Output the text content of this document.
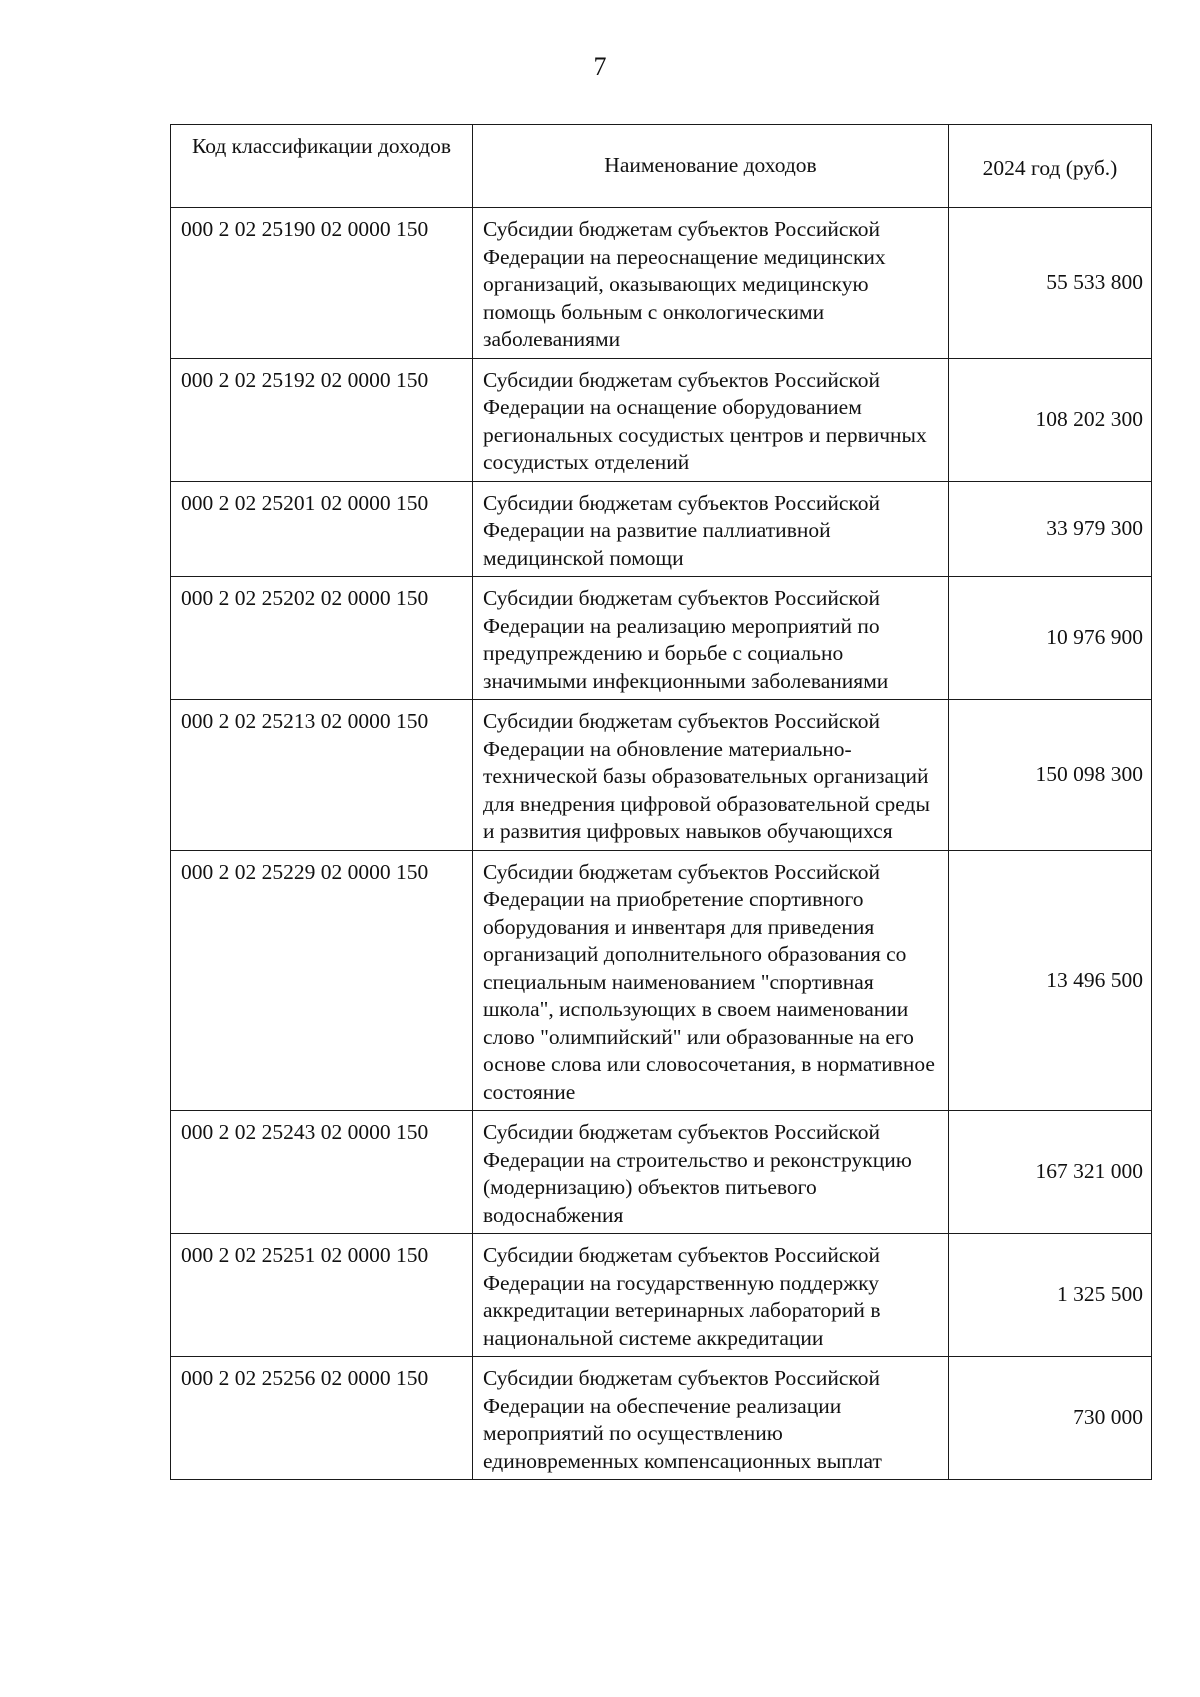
7
Код классификации доходов	Наименование доходов	2024 год (руб.)
000 2 02 25190 02 0000 150	Субсидии бюджетам субъектов Российской Федерации на переоснащение медицинских организаций, оказывающих медицинскую помощь больным с онкологическими заболеваниями	55 533 800
000 2 02 25192 02 0000 150	Субсидии бюджетам субъектов Российской Федерации на оснащение оборудованием региональных сосудистых центров и первичных сосудистых отделений	108 202 300
000 2 02 25201 02 0000 150	Субсидии бюджетам субъектов Российской Федерации на развитие паллиативной медицинской помощи	33 979 300
000 2 02 25202 02 0000 150	Субсидии бюджетам субъектов Российской Федерации на реализацию мероприятий по предупреждению и борьбе с социально значимыми инфекционными заболеваниями	10 976 900
000 2 02 25213 02 0000 150	Субсидии бюджетам субъектов Российской Федерации на обновление материально-технической базы образовательных организаций для внедрения цифровой образовательной среды и развития цифровых навыков обучающихся	150 098 300
000 2 02 25229 02 0000 150	Субсидии бюджетам субъектов Российской Федерации на приобретение спортивного оборудования и инвентаря для приведения организаций дополнительного образования со специальным наименованием "спортивная школа", использующих в своем наименовании слово "олимпийский" или образованные на его основе слова или словосочетания, в нормативное состояние	13 496 500
000 2 02 25243 02 0000 150	Субсидии бюджетам субъектов Российской Федерации на строительство и реконструкцию (модернизацию) объектов питьевого водоснабжения	167 321 000
000 2 02 25251 02 0000 150	Субсидии бюджетам субъектов Российской Федерации на государственную поддержку аккредитации ветеринарных лабораторий в национальной системе аккредитации	1 325 500
000 2 02 25256 02 0000 150	Субсидии бюджетам субъектов Российской Федерации на обеспечение реализации мероприятий по осуществлению единовременных компенсационных выплат	730 000
